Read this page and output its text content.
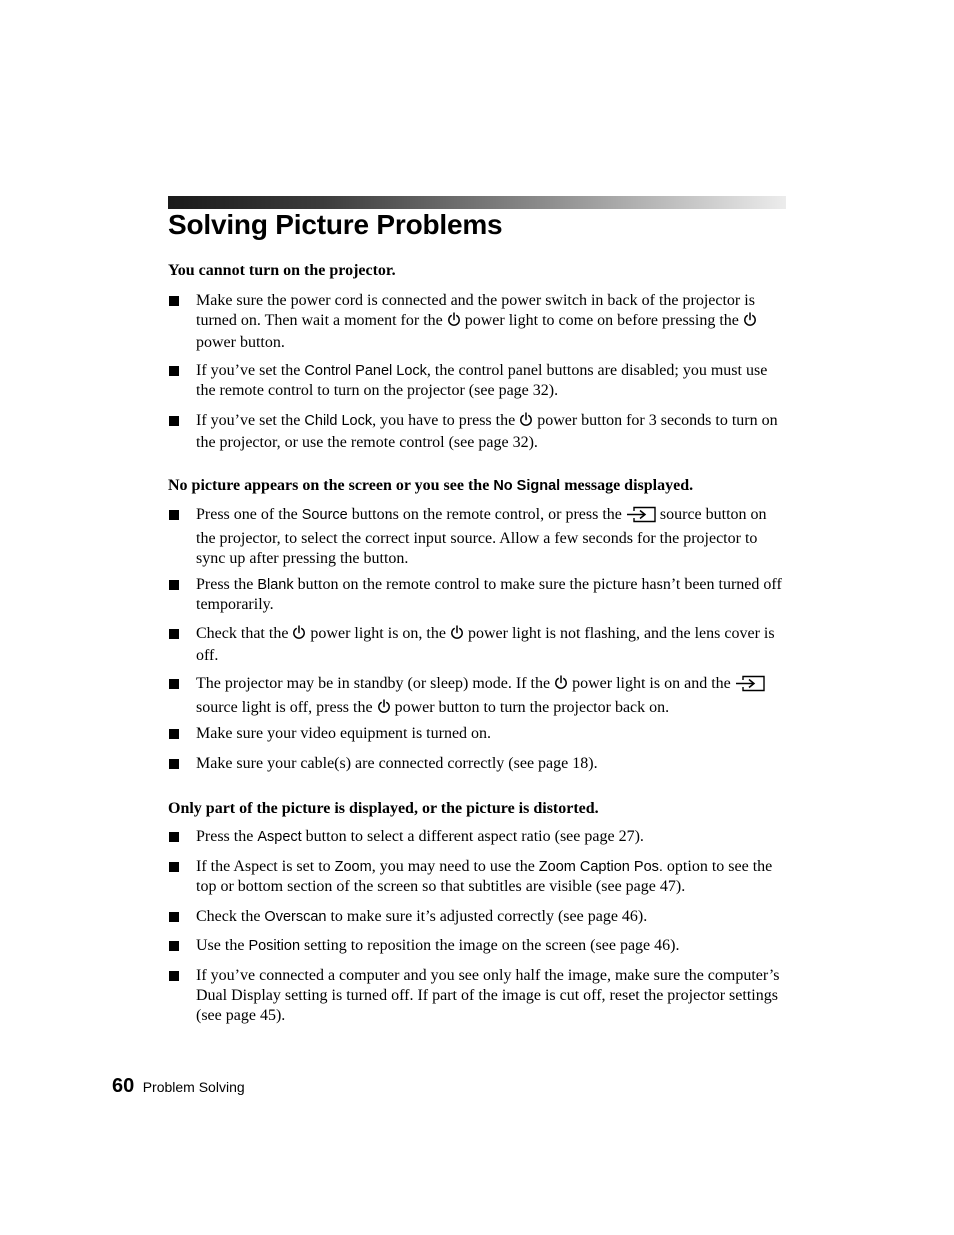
Solving Picture Problems

You cannot turn on the projector.

Make sure the power cord is connected and the power switch in back of the projector is turned on. Then wait a moment for the  power light to come on before pressing the  power button.
If you’ve set the Control Panel Lock, the control panel buttons are disabled; you must use the remote control to turn on the projector (see page 32).
If you’ve set the Child Lock, you have to press the  power button for 3 seconds to turn on the projector, or use the remote control (see page 32).

No picture appears on the screen or you see the No Signal message displayed.

Press one of the Source buttons on the remote control, or press the  source button on the projector, to select the correct input source. Allow a few seconds for the projector to sync up after pressing the button.
Press the Blank button on the remote control to make sure the picture hasn’t been turned off temporarily.
Check that the  power light is on, the  power light is not flashing, and the lens cover is off.
The projector may be in standby (or sleep) mode. If the  power light is on and the  source light is off, press the  power button to turn the projector back on.
Make sure your video equipment is turned on.
Make sure your cable(s) are connected correctly (see page 18).

Only part of the picture is displayed, or the picture is distorted.

Press the Aspect button to select a different aspect ratio (see page 27).
If the Aspect is set to Zoom, you may need to use the Zoom Caption Pos. option to see the top or bottom section of the screen so that subtitles are visible (see page 47).
Check the Overscan to make sure it’s adjusted correctly (see page 46).
Use the Position setting to reposition the image on the screen (see page 46).
If you’ve connected a computer and you see only half the image, make sure the computer’s Dual Display setting is turned off. If part of the image is cut off, reset the projector settings (see page 45).
60 Problem Solving
